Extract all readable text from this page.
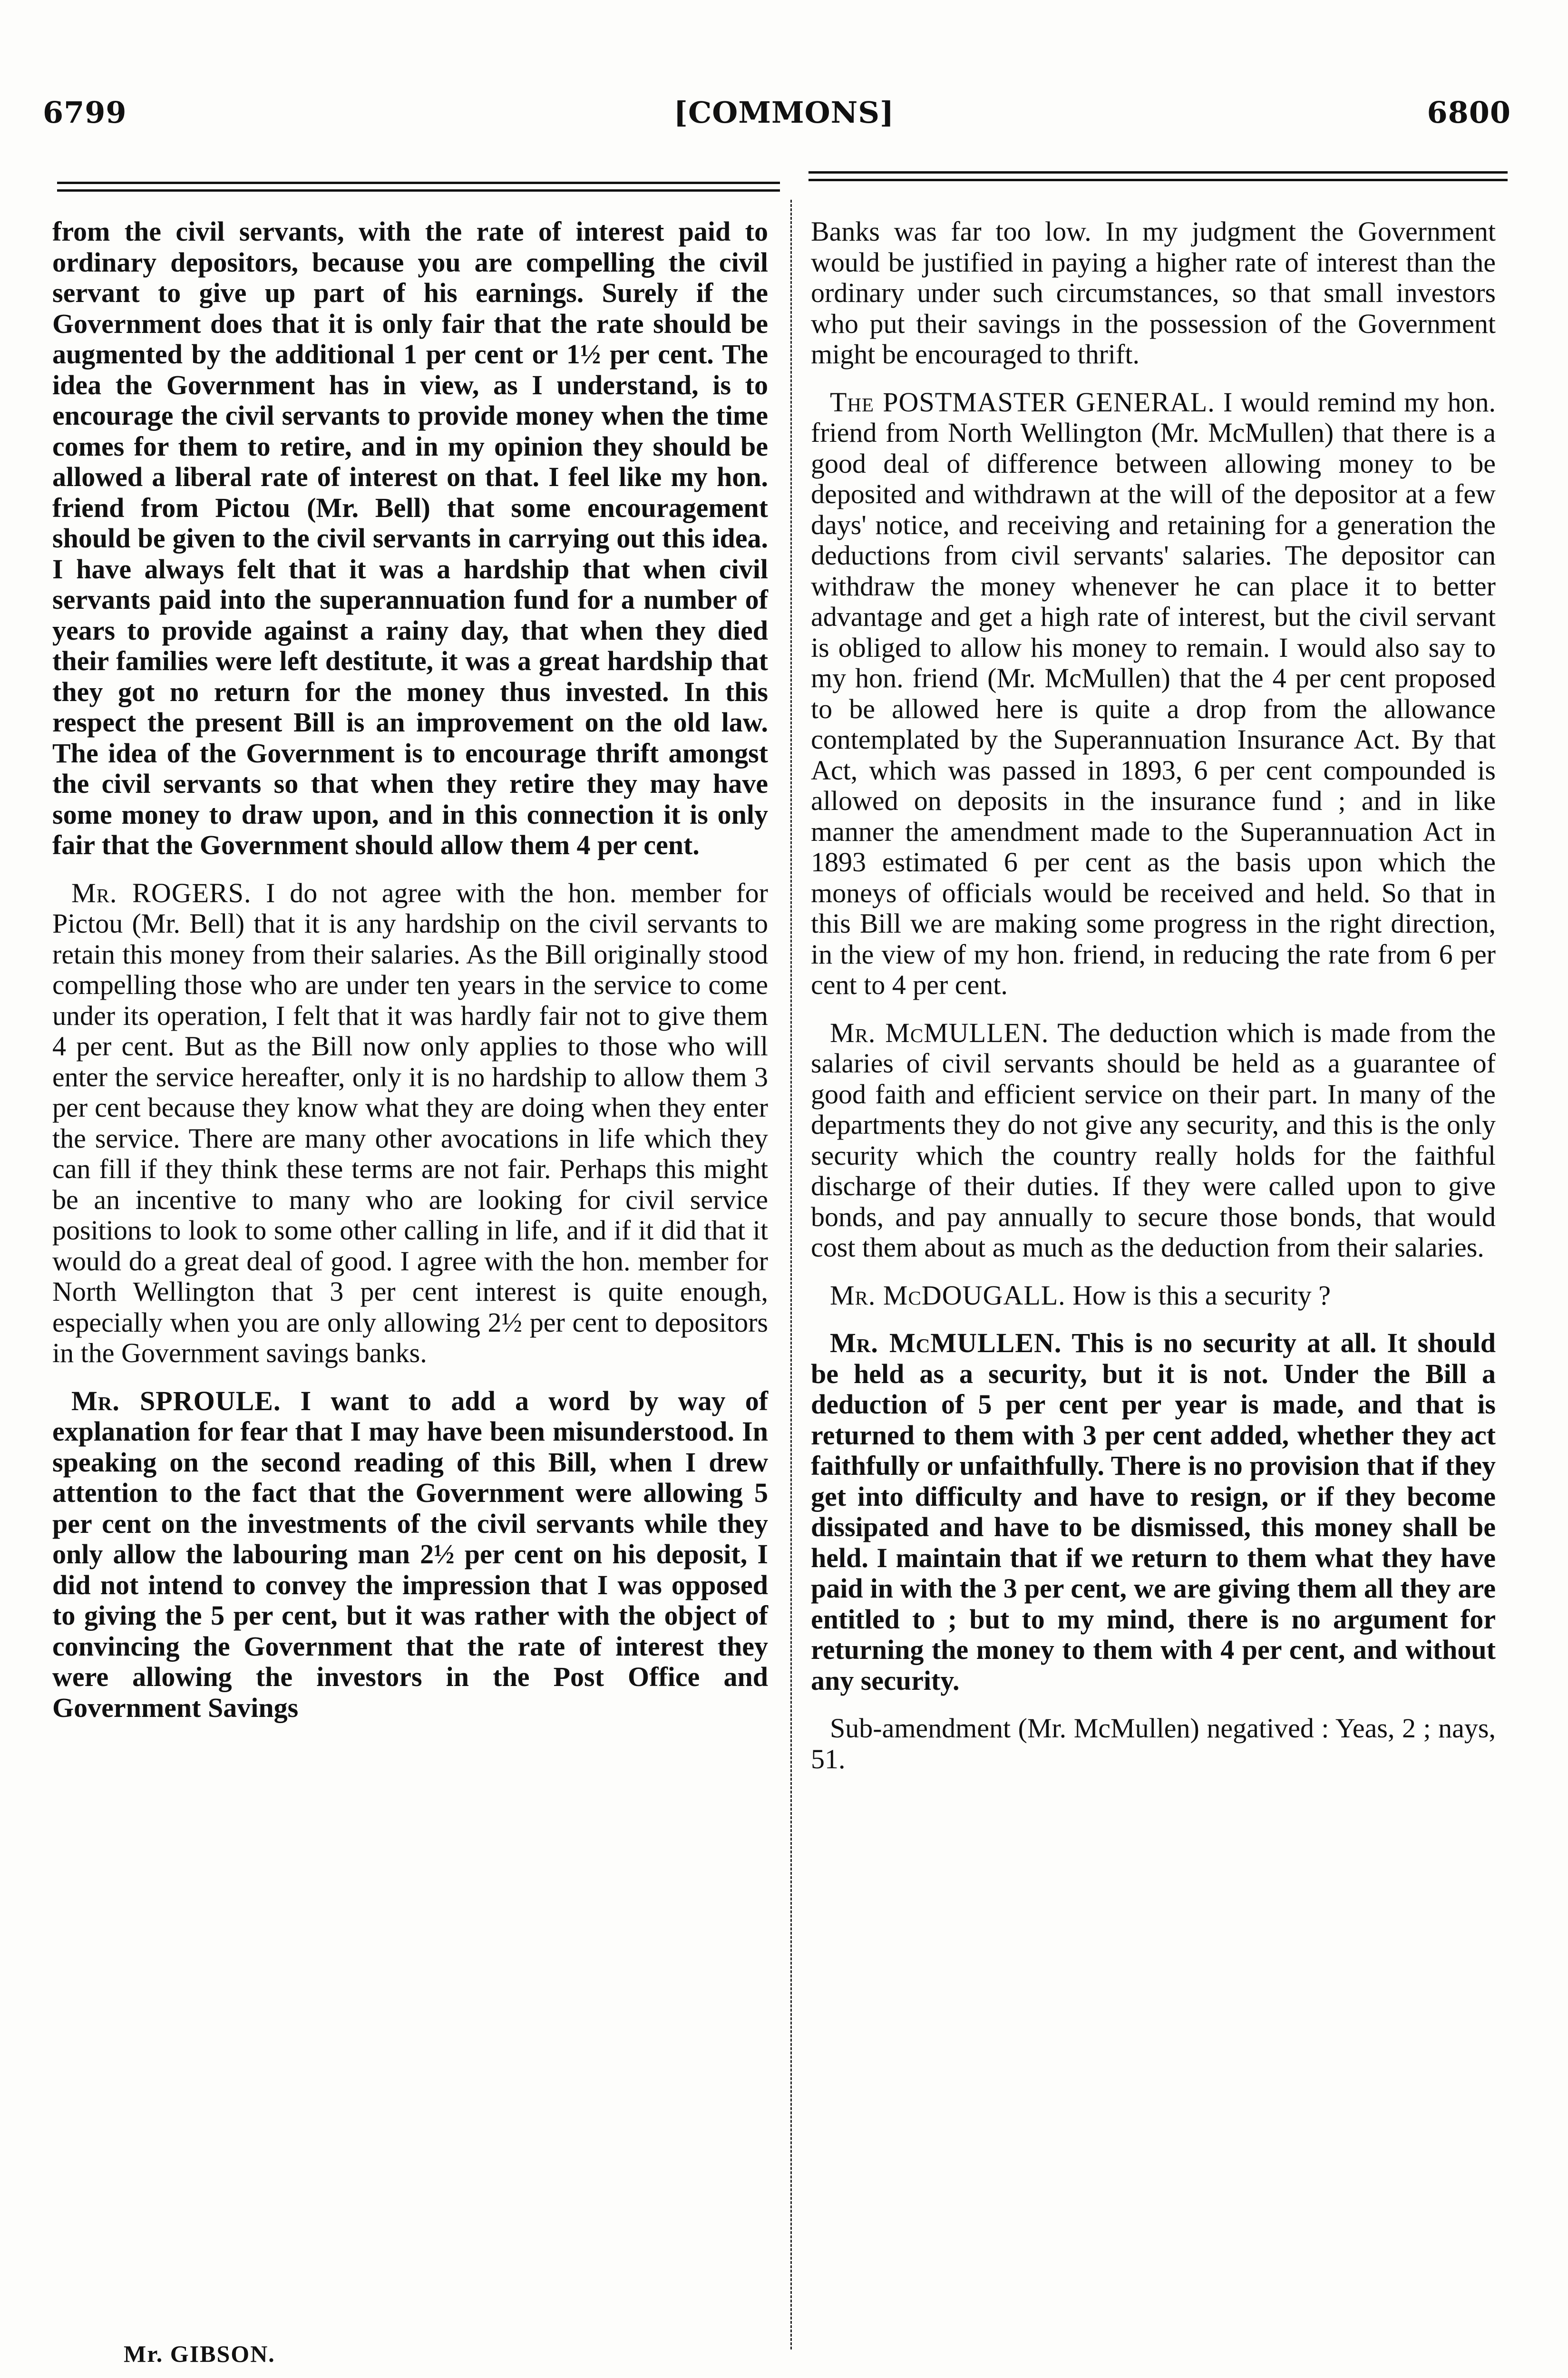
6799	[COMMONS]	6800

from the civil servants, with the rate of interest paid to ordinary depositors, because you are compelling the civil servant to give up part of his earnings. Surely if the Government does that it is only fair that the rate should be augmented by the additional 1 per cent or 1½ per cent. The idea the Government has in view, as I understand, is to encourage the civil servants to provide money when the time comes for them to retire, and in my opinion they should be allowed a liberal rate of interest on that. I feel like my hon. friend from Pictou (Mr. Bell) that some encouragement should be given to the civil servants in carrying out this idea. I have always felt that it was a hardship that when civil servants paid into the superannuation fund for a number of years to provide against a rainy day, that when they died their families were left destitute, it was a great hardship that they got no return for the money thus invested. In this respect the present Bill is an improvement on the old law. The idea of the Government is to encourage thrift amongst the civil servants so that when they retire they may have some money to draw upon, and in this connection it is only fair that the Government should allow them 4 per cent.

Mr. ROGERS. I do not agree with the hon. member for Pictou (Mr. Bell) that it is any hardship on the civil servants to retain this money from their salaries. As the Bill originally stood compelling those who are under ten years in the service to come under its operation, I felt that it was hardly fair not to give them 4 per cent. But as the Bill now only applies to those who will enter the service hereafter, only it is no hardship to allow them 3 per cent because they know what they are doing when they enter the service. There are many other avocations in life which they can fill if they think these terms are not fair. Perhaps this might be an incentive to many who are looking for civil service positions to look to some other calling in life, and if it did that it would do a great deal of good. I agree with the hon. member for North Wellington that 3 per cent interest is quite enough, especially when you are only allowing 2½ per cent to depositors in the Government savings banks.

Mr. SPROULE. I want to add a word by way of explanation for fear that I may have been misunderstood. In speaking on the second reading of this Bill, when I drew attention to the fact that the Government were allowing 5 per cent on the investments of the civil servants while they only allow the labouring man 2½ per cent on his deposit, I did not intend to convey the impression that I was opposed to giving the 5 per cent, but it was rather with the object of convincing the Government that the rate of interest they were allowing the investors in the Post Office and Government Savings

Banks was far too low. In my judgment the Government would be justified in paying a higher rate of interest than the ordinary under such circumstances, so that small investors who put their savings in the possession of the Government might be encouraged to thrift.

The POSTMASTER GENERAL. I would remind my hon. friend from North Wellington (Mr. McMullen) that there is a good deal of difference between allowing money to be deposited and withdrawn at the will of the depositor at a few days' notice, and receiving and retaining for a generation the deductions from civil servants' salaries. The depositor can withdraw the money whenever he can place it to better advantage and get a high rate of interest, but the civil servant is obliged to allow his money to remain. I would also say to my hon. friend (Mr. McMullen) that the 4 per cent proposed to be allowed here is quite a drop from the allowance contemplated by the Superannuation Insurance Act. By that Act, which was passed in 1893, 6 per cent compounded is allowed on deposits in the insurance fund ; and in like manner the amendment made to the Superannuation Act in 1893 estimated 6 per cent as the basis upon which the moneys of officials would be received and held. So that in this Bill we are making some progress in the right direction, in the view of my hon. friend, in reducing the rate from 6 per cent to 4 per cent.

Mr. McMULLEN. The deduction which is made from the salaries of civil servants should be held as a guarantee of good faith and efficient service on their part. In many of the departments they do not give any security, and this is the only security which the country really holds for the faithful discharge of their duties. If they were called upon to give bonds, and pay annually to secure those bonds, that would cost them about as much as the deduction from their salaries.

Mr. McDOUGALL. How is this a security ?

Mr. McMULLEN. This is no security at all. It should be held as a security, but it is not. Under the Bill a deduction of 5 per cent per year is made, and that is returned to them with 3 per cent added, whether they act faithfully or unfaithfully. There is no provision that if they get into difficulty and have to resign, or if they become dissipated and have to be dismissed, this money shall be held. I maintain that if we return to them what they have paid in with the 3 per cent, we are giving them all they are entitled to ; but to my mind, there is no argument for returning the money to them with 4 per cent, and without any security.

Sub-amendment (Mr. McMullen) negatived : Yeas, 2 ; nays, 51.

Mr. GIBSON.
